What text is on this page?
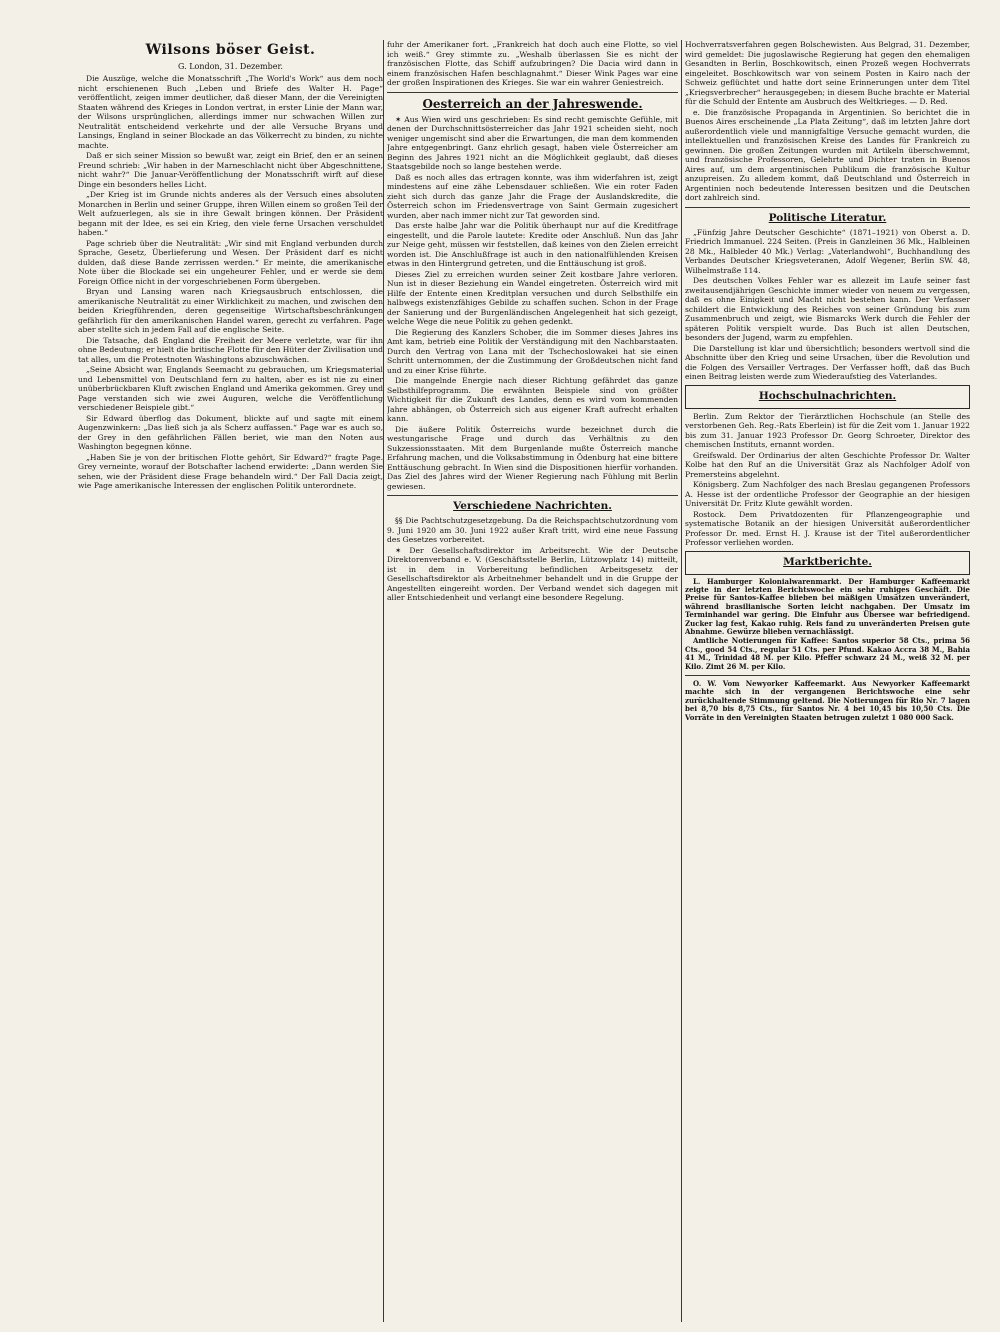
Wilsons böser Geist.
G. London, 31. Dezember.

Die Auszüge, welche die Monatsschrift „The World's Work“ aus dem noch nicht erschienenen Buch „Leben und Briefe des Walter H. Page“ veröffentlicht, zeigen immer deutlicher, daß dieser Mann, der die Vereinigten Staaten während des Krieges in London vertrat, in erster Linie der Mann war, der Wilsons ursprünglichen, allerdings immer nur schwachen Willen zur Neutralität entscheidend verkehrte und der alle Versuche Bryans und Lansings, England in seiner Blockade an das Völkerrecht zu binden, zu nichte machte.

Daß er sich seiner Mission so bewußt war, zeigt ein Brief, den er an seinen Freund schrieb: „Wir haben in der Marneschlacht nicht über Abgeschnittene, nicht wahr?“ Die Januar-Veröffentlichung der Monatsschrift wirft auf diese Dinge ein besonders helles Licht.

„Der Krieg ist im Grunde nichts anderes als der Versuch eines absoluten Monarchen in Berlin und seiner Gruppe, ihren Willen einem so großen Teil der Welt aufzuerlegen, als sie in ihre Gewalt bringen können. Der Präsident begann mit der Idee, es sei ein Krieg, den viele ferne Ursachen verschuldet haben.“

Page schrieb über die Neutralität: „Wir sind mit England verbunden durch Sprache, Gesetz, Überlieferung und Wesen. Der Präsident darf es nicht dulden, daß diese Bande zerrissen werden.“ Er meinte, die amerikanische Note über die Blockade sei ein ungeheurer Fehler, und er werde sie dem Foreign Office nicht in der vorgeschriebenen Form übergeben.

Bryan und Lansing waren nach Kriegsausbruch entschlossen, die amerikanische Neutralität zu einer Wirklichkeit zu machen, und zwischen den beiden Kriegführenden, deren gegenseitige Wirtschaftsbeschränkungen gefährlich für den amerikanischen Handel waren, gerecht zu verfahren. Page aber stellte sich in jedem Fall auf die englische Seite.

Die Tatsache, daß England die Freiheit der Meere verletzte, war für ihn ohne Bedeutung; er hielt die britische Flotte für den Hüter der Zivilisation und tat alles, um die Protestnoten Washingtons abzuschwächen.

„Seine Absicht war, Englands Seemacht zu gebrauchen, um Kriegsmaterial und Lebensmittel von Deutschland fern zu halten, aber es ist nie zu einer unüberbrückbaren Kluft zwischen England und Amerika gekommen. Grey und Page verstanden sich wie zwei Auguren, welche die Veröffentlichung verschiedener Beispiele gibt.“

Sir Edward überflog das Dokument, blickte auf und sagte mit einem Augenzwinkern: „Das ließ sich ja als Scherz auffassen.“ Page war es auch so, der Grey in den gefährlichen Fällen beriet, wie man den Noten aus Washington begegnen könne.

„Haben Sie je von der britischen Flotte gehört, Sir Edward?“ fragte Page. Grey verneinte, worauf der Botschafter lachend erwiderte: „Dann werden Sie sehen, wie der Präsident diese Frage behandeln wird.“ Der Fall Dacia zeigt, wie Page amerikanische Interessen der englischen Politik unterordnete.

fuhr der Amerikaner fort. „Frankreich hat doch auch eine Flotte, so viel ich weiß.“ Grey stimmte zu. „Weshalb überlassen Sie es nicht der französischen Flotte, das Schiff aufzubringen? Die Dacia wird dann in einem französischen Hafen beschlagnahmt.“ Dieser Wink Pages war eine der großen Inspirationen des Krieges. Sie war ein wahrer Geniestreich.

Oesterreich an der Jahreswende.

✶ Aus Wien wird uns geschrieben: Es sind recht gemischte Gefühle, mit denen der Durchschnittsösterreicher das Jahr 1921 scheiden sieht, noch weniger ungemischt sind aber die Erwartungen, die man dem kommenden Jahre entgegenbringt. Ganz ehrlich gesagt, haben viele Österreicher am Beginn des Jahres 1921 nicht an die Möglichkeit geglaubt, daß dieses Staatsgebilde noch so lange bestehen werde.

Daß es noch alles das ertragen konnte, was ihm widerfahren ist, zeigt mindestens auf eine zähe Lebensdauer schließen. Wie ein roter Faden zieht sich durch das ganze Jahr die Frage der Auslandskredite, die Österreich schon im Friedensvertrage von Saint Germain zugesichert wurden, aber nach immer nicht zur Tat geworden sind.

Das erste halbe Jahr war die Politik überhaupt nur auf die Kreditfrage eingestellt, und die Parole lautete: Kredite oder Anschluß. Nun das Jahr zur Neige geht, müssen wir feststellen, daß keines von den Zielen erreicht worden ist. Die Anschlußfrage ist auch in den nationalfühlenden Kreisen etwas in den Hintergrund getreten, und die Enttäuschung ist groß.

Dieses Ziel zu erreichen wurden seiner Zeit kostbare Jahre verloren. Nun ist in dieser Beziehung ein Wandel eingetreten. Österreich wird mit Hilfe der Entente einen Kreditplan versuchen und durch Selbsthilfe ein halbwegs existenzfähiges Gebilde zu schaffen suchen. Schon in der Frage der Sanierung und der Burgenländischen Angelegenheit hat sich gezeigt, welche Wege die neue Politik zu gehen gedenkt.

Die Regierung des Kanzlers Schober, die im Sommer dieses Jahres ins Amt kam, betrieb eine Politik der Verständigung mit den Nachbarstaaten. Durch den Vertrag von Lana mit der Tschechoslowakei hat sie einen Schritt unternommen, der die Zustimmung der Großdeutschen nicht fand und zu einer Krise führte.

Die mangelnde Energie nach dieser Richtung gefährdet das ganze Selbsthilfeprogramm. Die erwähnten Beispiele sind von größter Wichtigkeit für die Zukunft des Landes, denn es wird vom kommenden Jahre abhängen, ob Österreich sich aus eigener Kraft aufrecht erhalten kann.

Die äußere Politik Österreichs wurde bezeichnet durch die westungarische Frage und durch das Verhältnis zu den Sukzessionsstaaten. Mit dem Burgenlande mußte Österreich manche Erfahrung machen, und die Volksabstimmung in Ödenburg hat eine bittere Enttäuschung gebracht. In Wien sind die Dispositionen hierfür vorhanden. Das Ziel des Jahres wird der Wiener Regierung nach Fühlung mit Berlin gewiesen.

Verschiedene Nachrichten.

§§ Die Pachtschutzgesetzgebung. Da die Reichspachtschutzordnung vom 9. Juni 1920 am 30. Juni 1922 außer Kraft tritt, wird eine neue Fassung des Gesetzes vorbereitet.

✶ Der Gesellschaftsdirektor im Arbeitsrecht. Wie der Deutsche Direktorenverband e. V. (Geschäftsstelle Berlin, Lützowplatz 14) mitteilt, ist in dem in Vorbereitung befindlichen Arbeitsgesetz der Gesellschaftsdirektor als Arbeitnehmer behandelt und in die Gruppe der Angestellten eingereiht worden. Der Verband wendet sich dagegen mit aller Entschiedenheit und verlangt eine besondere Regelung.

Hochverratsverfahren gegen Bolschewisten. Aus Belgrad, 31. Dezember, wird gemeldet: Die jugoslawische Regierung hat gegen den ehemaligen Gesandten in Berlin, Boschkowitsch, einen Prozeß wegen Hochverrats eingeleitet. Boschkowitsch war von seinem Posten in Kairo nach der Schweiz geflüchtet und hatte dort seine Erinnerungen unter dem Titel „Kriegsverbrecher“ herausgegeben; in diesem Buche brachte er Material für die Schuld der Entente am Ausbruch des Weltkrieges. — D. Red.

e. Die französische Propaganda in Argentinien. So berichtet die in Buenos Aires erscheinende „La Plata Zeitung“, daß im letzten Jahre dort außerordentlich viele und mannigfaltige Versuche gemacht wurden, die intellektuellen und französischen Kreise des Landes für Frankreich zu gewinnen. Die großen Zeitungen wurden mit Artikeln überschwemmt, und französische Professoren, Gelehrte und Dichter traten in Buenos Aires auf, um dem argentinischen Publikum die französische Kultur anzupreisen. Zu alledem kommt, daß Deutschland und Österreich in Argentinien noch bedeutende Interessen besitzen und die Deutschen dort zahlreich sind.

Politische Literatur.

„Fünfzig Jahre Deutscher Geschichte“ (1871–1921) von Oberst a. D. Friedrich Immanuel. 224 Seiten. (Preis in Ganzleinen 36 Mk., Halbleinen 28 Mk., Halbleder 40 Mk.) Verlag: „Vaterlandwohl“, Buchhandlung des Verbandes Deutscher Kriegsveteranen, Adolf Wegener, Berlin SW. 48, Wilhelmstraße 114.

Des deutschen Volkes Fehler war es allezeit im Laufe seiner fast zweitausendjährigen Geschichte immer wieder von neuem zu vergessen, daß es ohne Einigkeit und Macht nicht bestehen kann. Der Verfasser schildert die Entwicklung des Reiches von seiner Gründung bis zum Zusammenbruch und zeigt, wie Bismarcks Werk durch die Fehler der späteren Politik verspielt wurde. Das Buch ist allen Deutschen, besonders der Jugend, warm zu empfehlen.

Die Darstellung ist klar und übersichtlich; besonders wertvoll sind die Abschnitte über den Krieg und seine Ursachen, über die Revolution und die Folgen des Versailler Vertrages. Der Verfasser hofft, daß das Buch einen Beitrag leisten werde zum Wiederaufstieg des Vaterlandes.

Hochschulnachrichten.

Berlin. Zum Rektor der Tierärztlichen Hochschule (an Stelle des verstorbenen Geh. Reg.-Rats Eberlein) ist für die Zeit vom 1. Januar 1922 bis zum 31. Januar 1923 Professor Dr. Georg Schroeter, Direktor des chemischen Instituts, ernannt worden.

Greifswald. Der Ordinarius der alten Geschichte Professor Dr. Walter Kolbe hat den Ruf an die Universität Graz als Nachfolger Adolf von Premersteins abgelehnt.

Königsberg. Zum Nachfolger des nach Breslau gegangenen Professors A. Hesse ist der ordentliche Professor der Geographie an der hiesigen Universität Dr. Fritz Klute gewählt worden.

Rostock. Dem Privatdozenten für Pflanzengeographie und systematische Botanik an der hiesigen Universität außerordentlicher Professor Dr. med. Ernst H. J. Krause ist der Titel außerordentlicher Professor verliehen worden.

Marktberichte.

L. Hamburger Kolonialwarenmarkt. Der Hamburger Kaffeemarkt zeigte in der letzten Berichtswoche ein sehr ruhiges Geschäft. Die Preise für Santos-Kaffee blieben bei mäßigen Umsätzen unverändert, während brasilianische Sorten leicht nachgaben. Der Umsatz im Terminhandel war gering. Die Einfuhr aus Übersee war befriedigend. Zucker lag fest, Kakao ruhig. Reis fand zu unveränderten Preisen gute Abnahme. Gewürze blieben vernachlässigt.

Amtliche Notierungen für Kaffee: Santos superior 58 Cts., prima 56 Cts., good 54 Cts., regular 51 Cts. per Pfund. Kakao Accra 38 M., Bahia 41 M., Trinidad 48 M. per Kilo. Pfeffer schwarz 24 M., weiß 32 M. per Kilo. Zimt 26 M. per Kilo.

O. W. Vom Newyorker Kaffeemarkt. Aus Newyorker Kaffeemarkt machte sich in der vergangenen Berichtswoche eine sehr zurückhaltende Stimmung geltend. Die Notierungen für Rio Nr. 7 lagen bei 8,70 bis 8,75 Cts., für Santos Nr. 4 bei 10,45 bis 10,50 Cts. Die Vorräte in den Vereinigten Staaten betrugen zuletzt 1 080 000 Sack.
